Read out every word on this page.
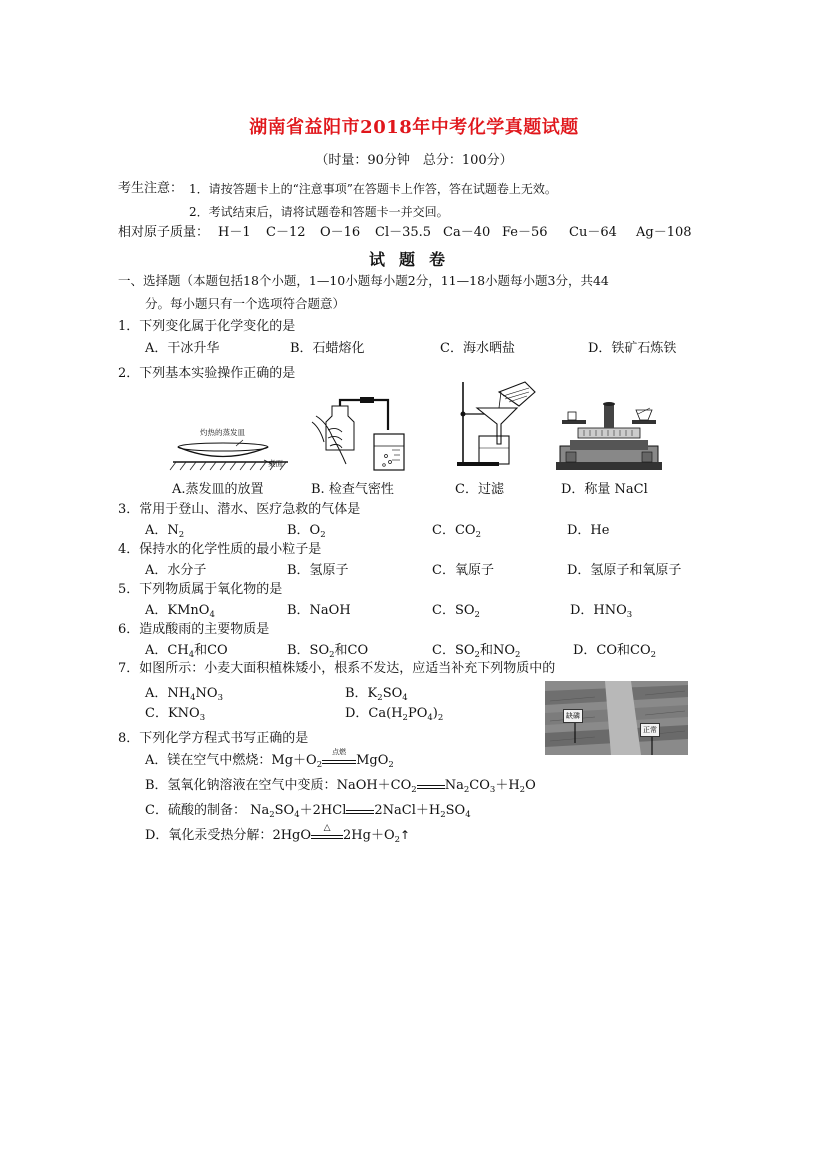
湖南省益阳市2018年中考化学真题试题
（时量：90分钟　总分：100分）
考生注意： 1．请按答题卡上的“注意事项”在答题卡上作答，答在试题卷上无效。
2．考试结束后，请将试题卷和答题卡一并交回。
相对原子质量： H－1 C－12 O－16 Cl－35.5 Ca－40 Fe－56 Cu－64 Ag－108
试题卷
一、选择题（本题包括18个小题，1—10小题每小题2分，11—18小题每小题3分，共44
分。每小题只有一个选项符合题意）
1．下列变化属于化学变化的是
A．干冰升华	B．石蜡熔化	C．海水晒盐	D．铁矿石炼铁
2．下列基本实验操作正确的是
灼热的蒸发皿
桌面
A.蒸发皿的放置	B. 检查气密性	C．过滤	D．称量 NaCl
3．常用于登山、潜水、医疗急救的气体是
A．$N_2$	B．$O_2$	C．$CO_2$	D．He
4．保持水的化学性质的最小粒子是
A．水分子	B．氢原子	C．氧原子	D．氢原子和氧原子
5．下列物质属于氧化物的是
A．KMnO$_4$	B．NaOH	C．$SO_2$	D．$HNO_3$
6．造成酸雨的主要物质是
A．$CH_4$和CO	B．$SO_2$和CO	C．$SO_2$和$NO_2$	D．CO和$CO_2$
7．如图所示：小麦大面积植株矮小，根系不发达，应适当补充下列物质中的
A．$NH_4NO_3$	B．$K_2SO_4$
C．$KNO_3$	D．$Ca(H_2PO_4)_2$	缺磷
正常
8．下列化学方程式书写正确的是
A．镁在空气中燃烧：$Mg+O_2$
点燃
MgO$_2$
B．氢氧化钠溶液在空气中变质：$NaOH+CO_2$ $Na_2CO_3+H_2O$
C．硫酸的制备： $Na_2SO_4+2HCl$ $2NaCl+H_2SO_4$
D．氧化汞受热分解：2HgO	△ $2Hg+O_2↑$
